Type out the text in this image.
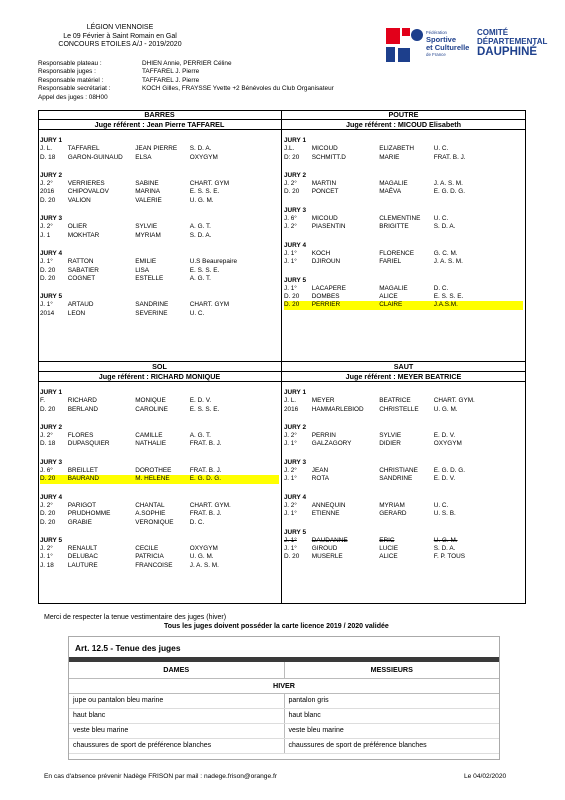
LÉGION VIENNOISE
Le 09 Février à Saint Romain en Gal
CONCOURS ETOILES A/J - 2019/2020
Fédération
Sportive
et Culturelle
de France
COMITÉ
DÉPARTEMENTAL
DAUPHINÉ
Responsable plateau :	DHIEN Annie, PERRIER Céline
Responsable juges :	TAFFAREL J. Pierre
Responsable matériel :	TAFFAREL J. Pierre
Responsable secrétariat :	KOCH Gilles, FRAYSSE Yvette +2 Bénévoles du Club Organisateur
Appel des juges : 08H00
BARRES
Juge référent : Jean Pierre TAFFAREL
JURY 1
J. L.	TAFFAREL	JEAN PIERRE	S. D. A.
D. 18	GARON-GUINAUD	ELSA	OXYGYM
JURY 2
J. 2°	VERRIERES	SABINE	CHART. GYM
2016	CHIPOVALOV	MARINA	E. S. S. E.
D. 20	VALION	VALERIE	U. G. M.
JURY 3
J. 2°	OLIER	SYLVIE	A. G. T.
J. 1	MOKHTAR	MYRIAM	S. D. A.
JURY 4
J. 1°	RATTON	EMILIE	U.S Beaurepaire
D. 20	SABATIER	LISA	E. S. S. E.
D. 20	COGNET	ESTELLE	A. G. T.
JURY 5
J. 1°	ARTAUD	SANDRINE	CHART. GYM
2014	LEON	SEVERINE	U. C.
POUTRE
Juge référent : MICOUD Elisabeth
JURY 1
J.L.	MICOUD	ELIZABETH	U. C.
D: 20	SCHMITT.D	MARIE	FRAT. B. J.
JURY 2
J. 2°	MARTIN	MAGALIE	J. A. S. M.
D. 20	PONCET	MAËVA	E. G. D. G.
JURY 3
J. 6°	MICOUD	CLEMENTINE	U. C.
J. 2°	PIASENTIN	BRIGITTE	S. D. A.
JURY 4
J. 1°	KOCH	FLORENCE	G. C. M.
J. 1°	DJIROUN	FARIEL	J. A. S. M.
JURY 5
J. 1°	LACAPERE	MAGALIE	D. C.
D. 20	DOMBES	ALICE	E. S. S. E.
D. 20	PERRIER	CLAIRE	J.A.S.M.
SOL
Juge référent : RICHARD MONIQUE
JURY 1
F.	RICHARD	MONIQUE	E. D. V.
D. 20	BERLAND	CAROLINE	E. S. S. E.
JURY 2
J. 2°	FLORES	CAMILLE	A. G. T.
D. 18	DUPASQUIER	NATHALIE	FRAT. B. J.
JURY 3
J. 6°	BREILLET	DOROTHEE	FRAT. B. J.
D. 20	BAURAND	M. HELENE	E. G. D. G.
JURY 4
J. 2°	PARIGOT	CHANTAL	CHART. GYM.
D. 20	PRUDHOMME	A.SOPHIE	FRAT. B. J.
D. 20	GRABIE	VERONIQUE	D. C.
JURY 5
J. 2°	RENAULT	CECILE	OXYGYM
J. 1°	DELUBAC	PATRICIA	U. G. M.
J. 18	LAUTURE	FRANCOISE	J. A. S. M.
SAUT
Juge référent : MEYER BEATRICE
JURY 1
J. L.	MEYER	BEATRICE	CHART. GYM.
2016	HAMMARLEBIOD	CHRISTELLE	U. G. M.
JURY 2
J. 2°	PERRIN	SYLVIE	E. D. V.
J. 1°	GALZAGORY	DIDIER	OXYGYM
JURY 3
J. 2°	JEAN	CHRISTIANE	E. G. D. G.
J. 1°	ROTA	SANDRINE	E. D. V.
JURY 4
J. 2°	ANNEQUIN	MYRIAM	U. C.
J. 1°	ETIENNE	GERARD	U. S. B.
JURY 5
J. 1°	DAUDANNE	ERIC	U. G. M.
J. 1°	GIROUD	LUCIE	S. D. A.
D. 20	MUSERLE	ALICE	F. P. TOUS
Merci de respecter la tenue vestimentaire des juges (hiver)
Tous les juges doivent posséder la carte licence 2019 / 2020 validée
Art. 12.5 - Tenue des juges
DAMES	MESSIEURS
HIVER
jupe ou pantalon bleu marine	pantalon gris
haut blanc	haut blanc
veste bleu marine	veste bleu marine
chaussures de sport de préférence blanches	chaussures de sport de préférence blanches
En cas d'absence prévenir Nadège FRISON par mail : nadege.frison@orange.fr	Le 04/02/2020
